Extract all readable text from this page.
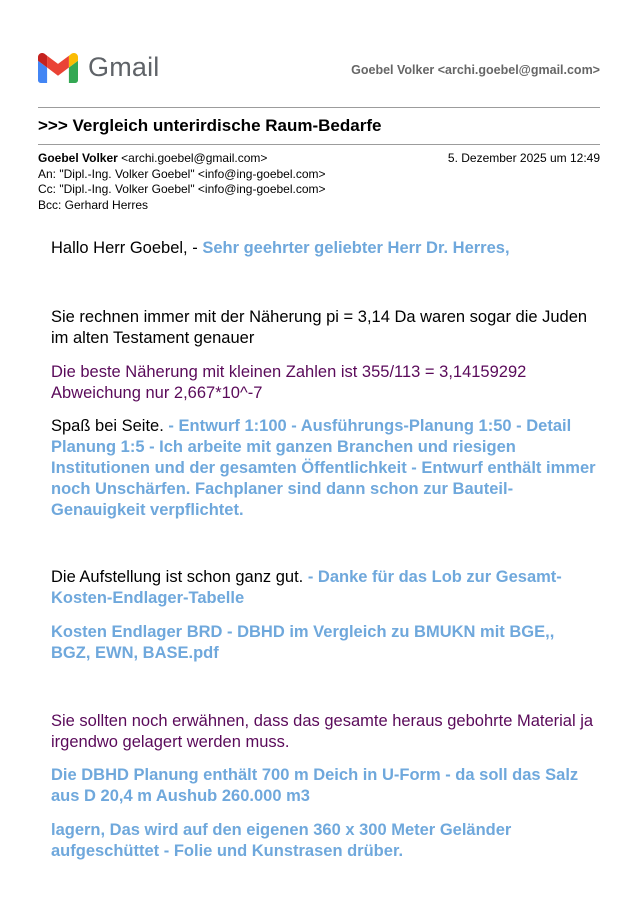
Gmail	Goebel Volker <archi.goebel@gmail.com>
>>> Vergleich unterirdische Raum-Bedarfe
Goebel Volker <archi.goebel@gmail.com>	5. Dezember 2025 um 12:49
An: "Dipl.-Ing. Volker Goebel" <info@ing-goebel.com>
Cc: "Dipl.-Ing. Volker Goebel" <info@ing-goebel.com>
Bcc: Gerhard Herres

Hallo Herr Goebel, - Sehr geehrter geliebter Herr Dr. Herres,

Sie rechnen immer mit der Näherung pi = 3,14 Da waren sogar die Juden im alten Testament genauer

Die beste Näherung mit kleinen Zahlen ist 355/113 = 3,14159292 Abweichung nur 2,667*10^-7

Spaß bei Seite. - Entwurf 1:100 - Ausführungs-Planung 1:50 - Detail Planung 1:5 - Ich arbeite mit ganzen Branchen und riesigen Institutionen und der gesamten Öffentlichkeit - Entwurf enthält immer noch Unschärfen. Fachplaner sind dann schon zur Bauteil-Genauigkeit verpflichtet.

Die Aufstellung ist schon ganz gut. - Danke für das Lob zur Gesamt-Kosten-Endlager-Tabelle

Kosten Endlager BRD - DBHD im Vergleich zu BMUKN mit BGE,, BGZ, EWN, BASE.pdf

Sie sollten noch erwähnen, dass das gesamte heraus gebohrte Material ja irgendwo gelagert werden muss.

Die DBHD Planung enthält 700 m Deich in U-Form - da soll das Salz aus D 20,4 m Aushub 260.000 m3

lagern, Das wird auf den eigenen 360 x 300 Meter Geländer aufgeschüttet - Folie und Kunstrasen drüber.
